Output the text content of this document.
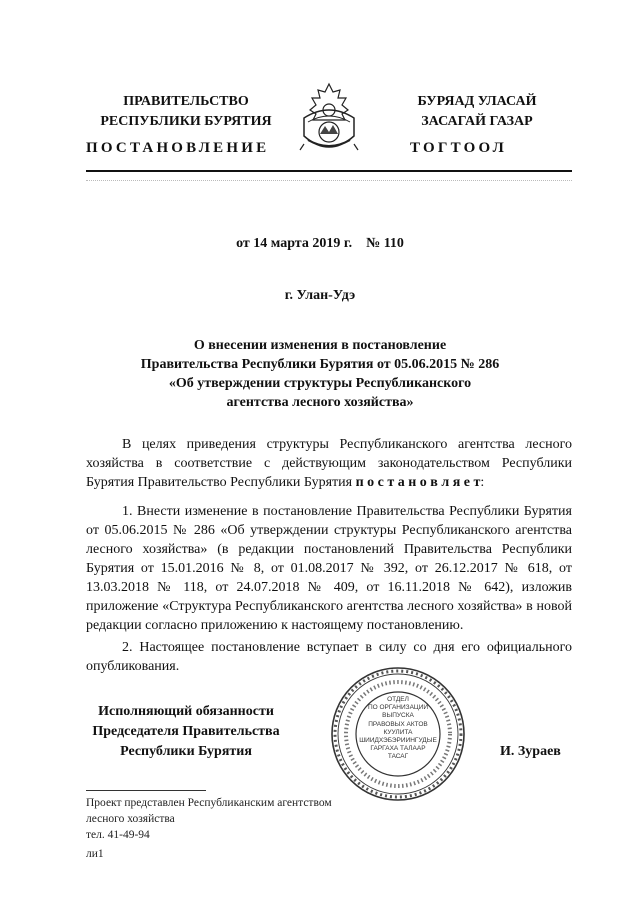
ПРАВИТЕЛЬСТВО
РЕСПУБЛИКИ БУРЯТИЯ
БУРЯАД УЛАСАЙ
ЗАСАГАЙ ГАЗАР
ПОСТАНОВЛЕНИЕ	ТОГТООЛ
от 14 марта 2019 г.    № 110
г. Улан-Удэ
О внесении изменения в постановление
Правительства Республики Бурятия от 05.06.2015 № 286
«Об утверждении структуры Республиканского
агентства лесного хозяйства»

В целях приведения структуры Республиканского агентства лесного хозяйства в соответствие с действующим законодательством Республики Бурятия Правительство Республики Бурятия п о с т а н о в л я е т:

1. Внести изменение в постановление Правительства Республики Бурятия от 05.06.2015 № 286 «Об утверждении структуры Республиканского агентства лесного хозяйства» (в редакции постановлений Правительства Республики Бурятия от 15.01.2016 № 8, от 01.08.2017 № 392, от 26.12.2017 № 618, от 13.03.2018 № 118, от 24.07.2018 № 409, от 16.11.2018 № 642), изложив приложение «Структура Республиканского агентства лесного хозяйства» в новой редакции согласно приложению к настоящему постановлению.

2. Настоящее постановление вступает в силу со дня его официального опубликования.

Исполняющий обязанности
Председателя Правительства
Республики Бурятия	И. Зураев
ОТДЕЛ
ПО ОРГАНИЗАЦИИ
ВЫПУСКА
ПРАВОВЫХ АКТОВ
КУУЛИТА
ШИИДХЭБЭРИИНГУДЫЕ
ГАРГАХА ТАЛААР
ТАСАГ
Проект представлен Республиканским агентством
лесного хозяйства
тел. 41-49-94
ли1
